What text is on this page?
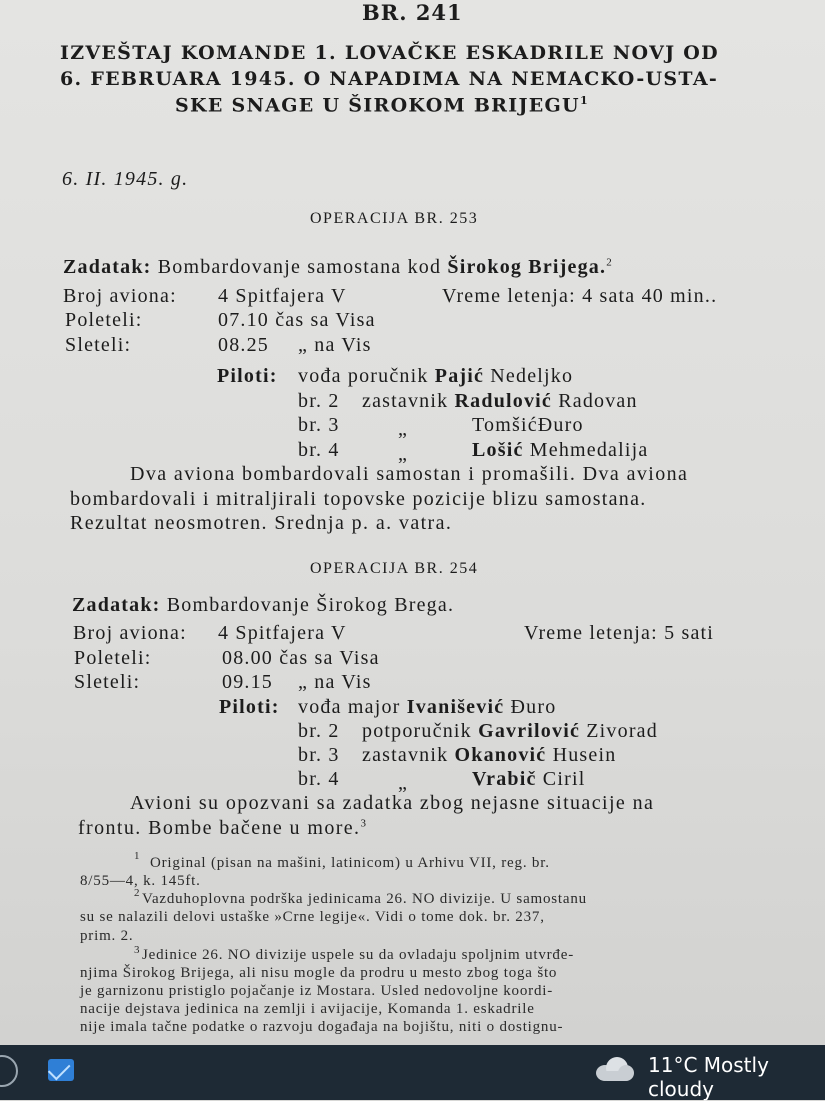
BR. 241
IZVEŠTAJ KOMANDE 1. LOVAČKE ESKADRILE NOVJ OD
6. FEBRUARA 1945. O NAPADIMA NA NEMACKO-USTA-
SKE SNAGE U ŠIROKOM BRIJEGU$^1$
6. II. 1945. g.
OPERACIJA BR. 253
Zadatak: Bombardovanje samostana kod Širokog Brijega.$^2$
Broj aviona: 4 Spitfajera V	Vreme letenja: 4 sata 40 min..
Poleteli:	07.10 čas sa Visa
Sleteli:	08.25 „ na Vis
Piloti: vođa poručnik Pajić Nedeljko
br. 2 zastavnik Radulović Radovan
br. 3	„	TomšićĐuro
br. 4	„	Lošić Mehmedalija
Dva aviona bombardovali samostan i promašili. Dva aviona
bombardovali i mitraljirali topovske pozicije blizu samostana.
Rezultat neosmotren. Srednja p. a. vatra.
OPERACIJA BR. 254
Zadatak: Bombardovanje Širokog Brega.
Broj aviona: 4 Spitfajera V	Vreme letenja: 5 sati
Poleteli:	08.00 čas sa Visa
Sleteli:	09.15 „ na Vis
Piloti: vođa major Ivanišević Đuro
br. 2 potporučnik Gavrilović Zivorad
br. 3 zastavnik Okanović Husein
br. 4	„	Vrabič Ciril
Avioni su opozvani sa zadatka zbog nejasne situacije na
frontu. Bombe bačene u more.$^3$
1 Original (pisan na mašini, latinicom) u Arhivu VII, reg. br.
8/55—4, k. 145ft.
2 Vazduhoplovna podrška jedinicama 26. NO divizije. U samostanu
su se nalazili delovi ustaške »Crne legije«. Vidi o tome dok. br. 237,
prim. 2.
3 Jedinice 26. NO divizije uspele su da ovladaju spoljnim utvrđe-
njima Širokog Brijega, ali nisu mogle da prodru u mesto zbog toga što
je garnizonu pristiglo pojačanje iz Mostara. Usled nedovoljne koordi-
nacije dejstava jedinica na zemlji i avijacije, Komanda 1. eskadrile
nije imala tačne podatke o razvoju događaja na bojištu, niti o dostignu-
11°C Mostly cloudy
